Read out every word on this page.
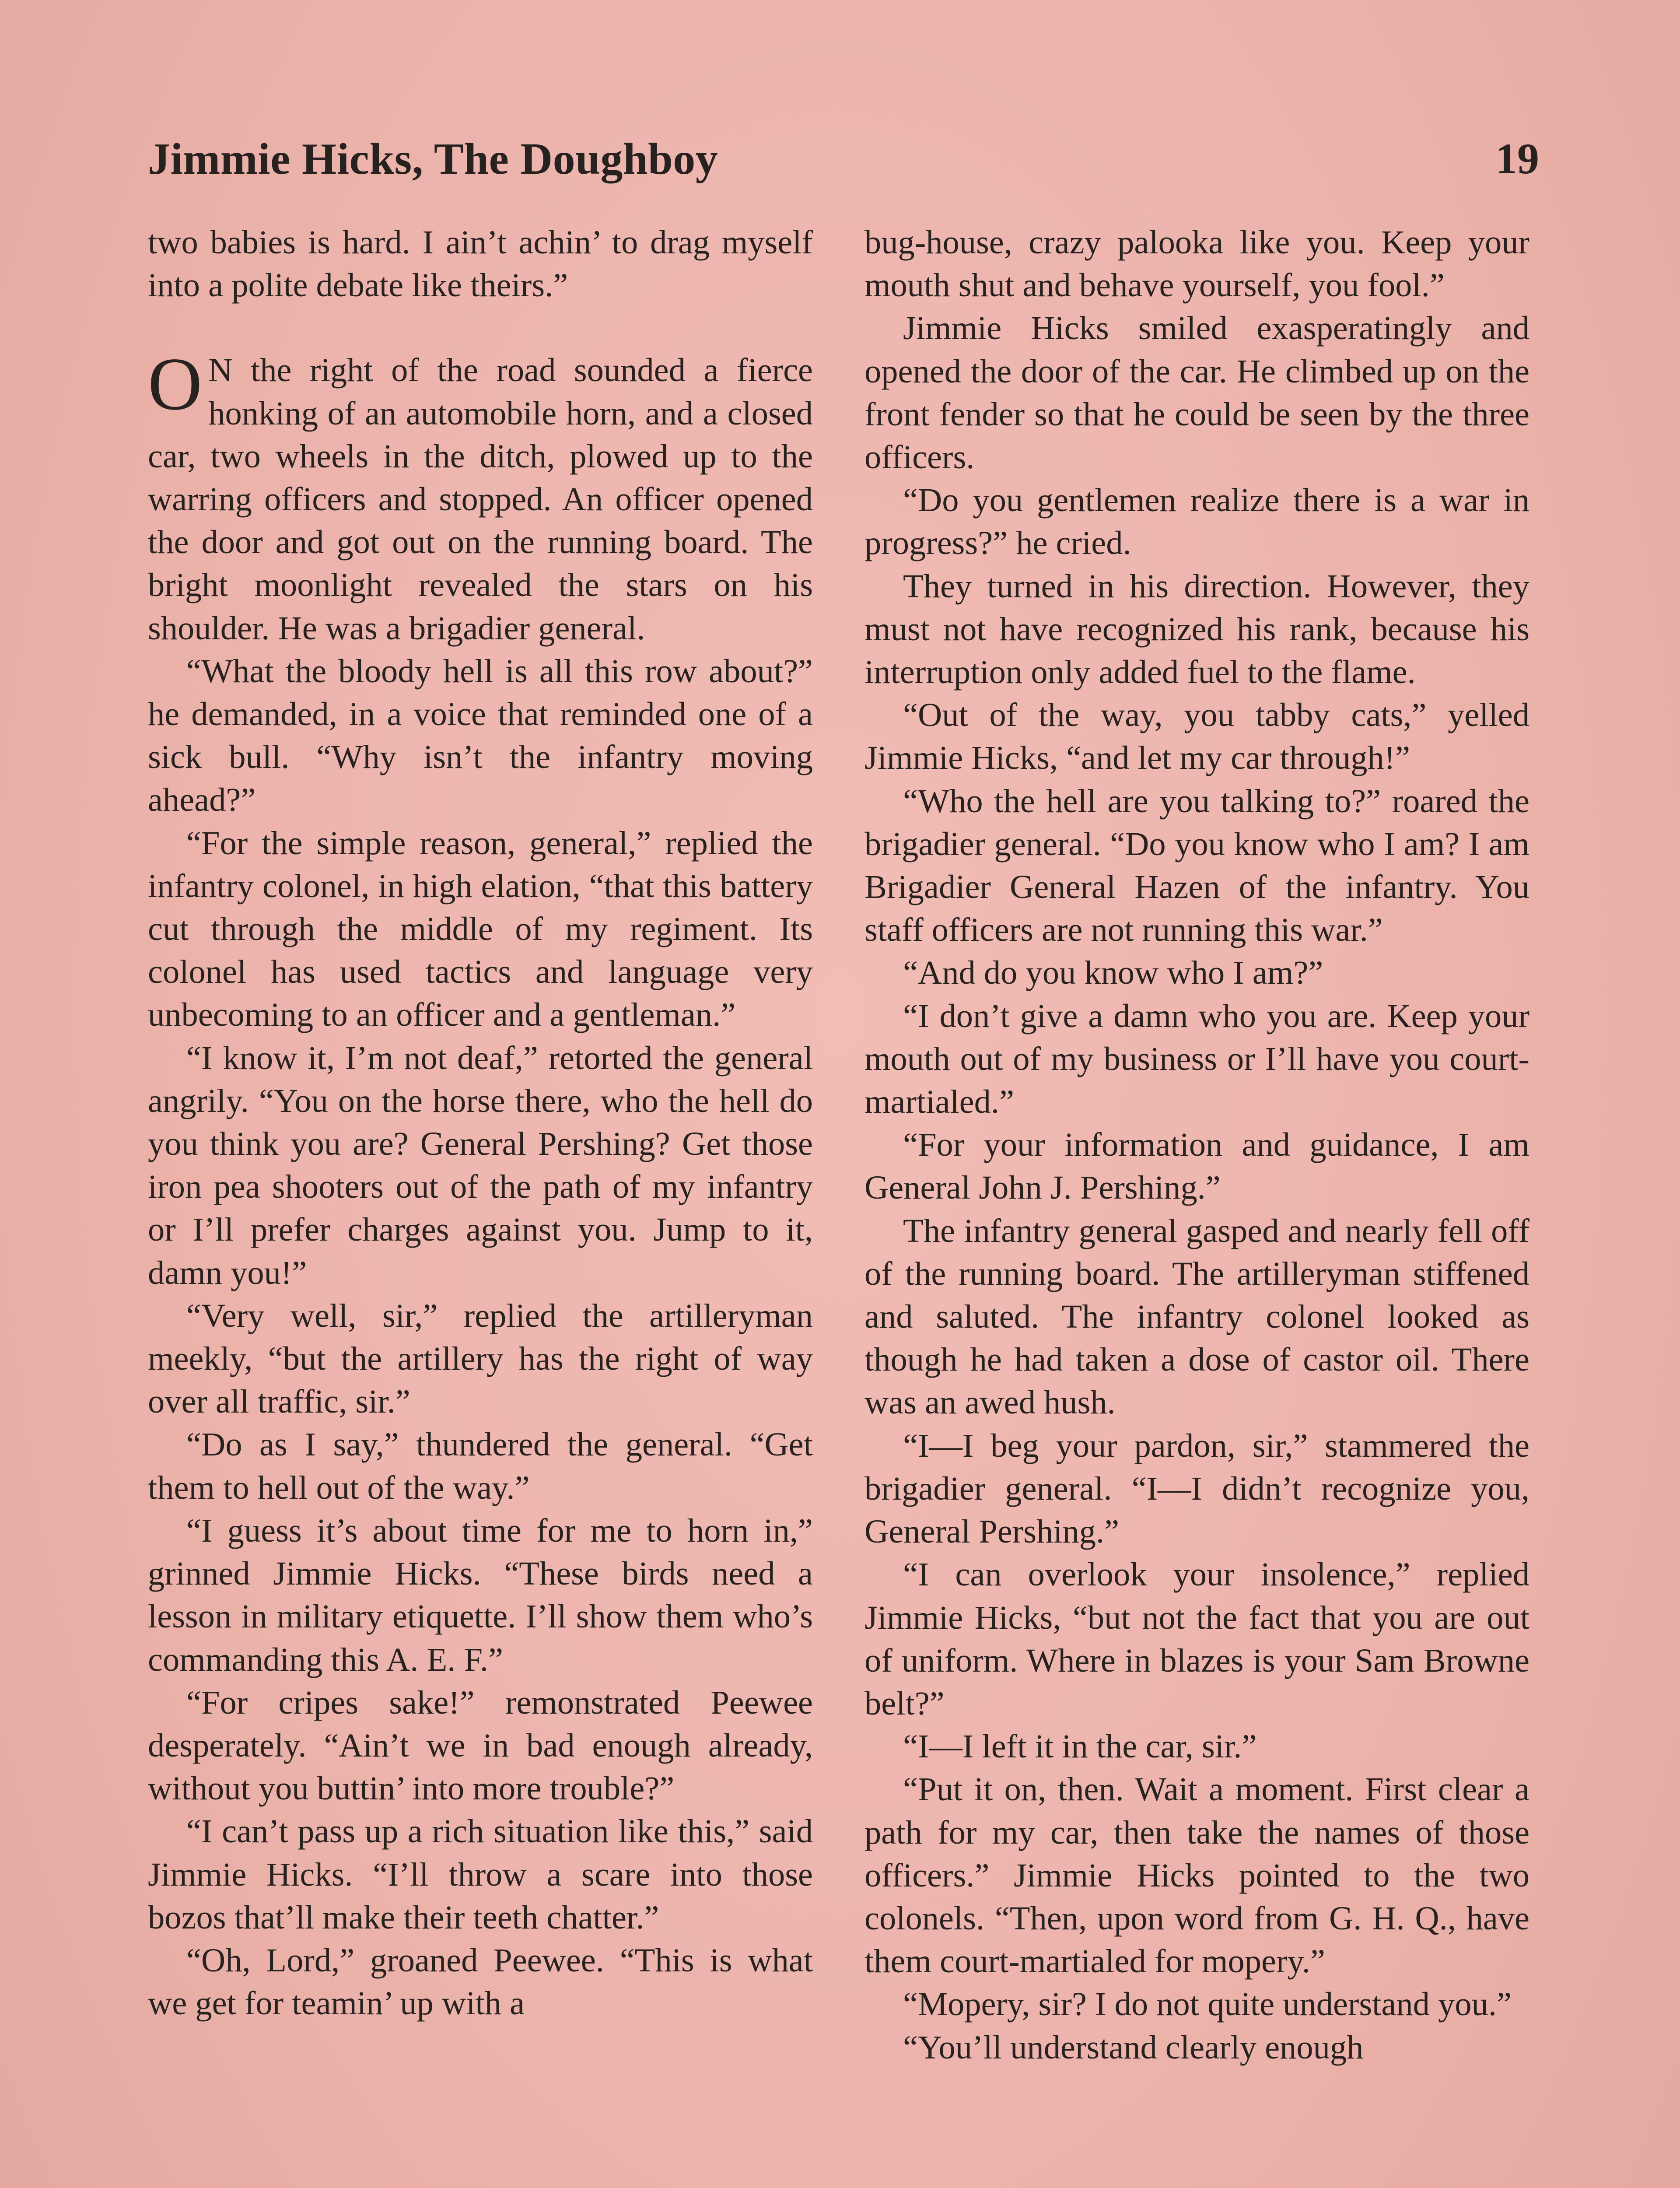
Jimmie Hicks, The Doughboy	19

two babies is hard. I ain’t achin’ to drag myself into a polite debate like theirs.”

O N the right of the road sounded a fierce honking of an automobile horn, and a closed car, two wheels in the ditch, plowed up to the warring officers and stopped. An officer opened the door and got out on the running board. The bright moonlight revealed the stars on his shoulder. He was a brigadier general.

“What the bloody hell is all this row about?” he demanded, in a voice that reminded one of a sick bull. “Why isn’t the infantry moving ahead?”

“For the simple reason, general,” replied the infantry colonel, in high elation, “that this battery cut through the middle of my regiment. Its colonel has used tactics and language very unbecoming to an officer and a gentleman.”

“I know it, I’m not deaf,” retorted the general angrily. “You on the horse there, who the hell do you think you are? General Pershing? Get those iron pea shooters out of the path of my infantry or I’ll prefer charges against you. Jump to it, damn you!”

“Very well, sir,” replied the artilleryman meekly, “but the artillery has the right of way over all traffic, sir.”

“Do as I say,” thundered the general. “Get them to hell out of the way.”

“I guess it’s about time for me to horn in,” grinned Jimmie Hicks. “These birds need a lesson in military etiquette. I’ll show them who’s commanding this A. E. F.”

“For cripes sake!” remonstrated Peewee desperately. “Ain’t we in bad enough already, without you buttin’ into more trouble?”

“I can’t pass up a rich situation like this,” said Jimmie Hicks. “I’ll throw a scare into those bozos that’ll make their teeth chatter.”

“Oh, Lord,” groaned Peewee. “This is what we get for teamin’ up with a

bug-house, crazy palooka like you. Keep your mouth shut and behave yourself, you fool.”

Jimmie Hicks smiled exasperatingly and opened the door of the car. He climbed up on the front fender so that he could be seen by the three officers.

“Do you gentlemen realize there is a war in progress?” he cried.

They turned in his direction. However, they must not have recognized his rank, because his interruption only added fuel to the flame.

“Out of the way, you tabby cats,” yelled Jimmie Hicks, “and let my car through!”

“Who the hell are you talking to?” roared the brigadier general. “Do you know who I am? I am Brigadier General Hazen of the infantry. You staff officers are not running this war.”

“And do you know who I am?”

“I don’t give a damn who you are. Keep your mouth out of my business or I’ll have you court-martialed.”

“For your information and guidance, I am General John J. Pershing.”

The infantry general gasped and nearly fell off of the running board. The artilleryman stiffened and saluted. The infantry colonel looked as though he had taken a dose of castor oil. There was an awed hush.

“I—I beg your pardon, sir,” stammered the brigadier general. “I—I didn’t recognize you, General Pershing.”

“I can overlook your insolence,” replied Jimmie Hicks, “but not the fact that you are out of uniform. Where in blazes is your Sam Browne belt?”

“I—I left it in the car, sir.”

“Put it on, then. Wait a moment. First clear a path for my car, then take the names of those officers.” Jimmie Hicks pointed to the two colonels. “Then, upon word from G. H. Q., have them court-martialed for mopery.”

“Mopery, sir? I do not quite understand you.”

“You’ll understand clearly enough
